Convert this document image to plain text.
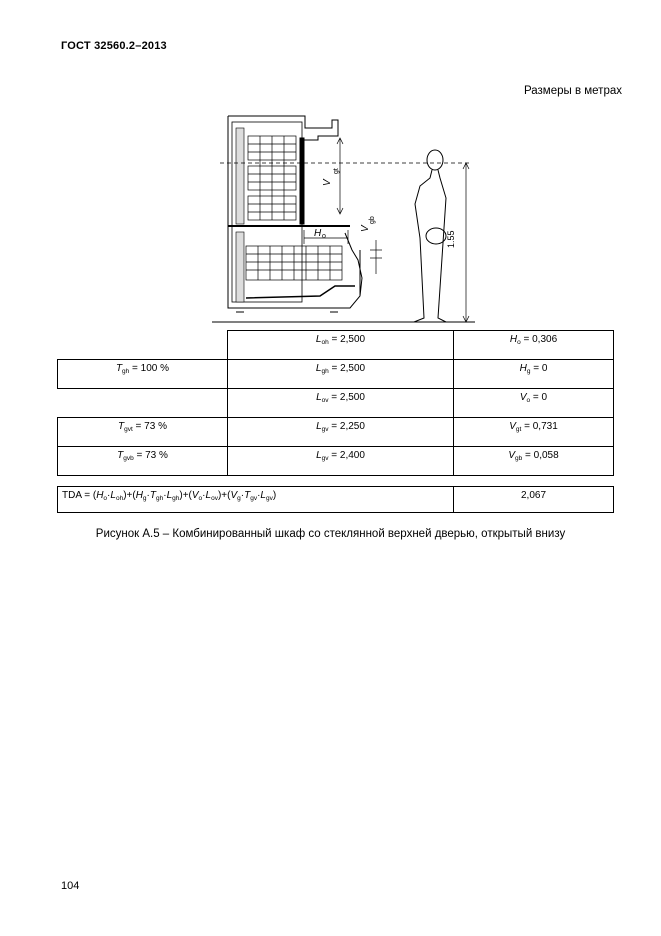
ГОСТ 32560.2–2013
Размеры в метрах
1.55
V
gt
V
gb
H o
	$L_{oh} = 2,500$	$H_o = 0,306$
$T_{gh} = 100$ %	$L_{gh} = 2,500$	$H_g = 0$
	$L_{ov} = 2,500$	$V_o = 0$
$T_{gvt} = 73$ %	$L_{gv} = 2,250$	$V_{gt} = 0,731$
$T_{gvb} = 73$ %	$L_{gv} = 2,400$	$V_{gb} = 0,058$
TDA = $(H_o\cdot L_{oh})+(H_g\cdot T_{gh}\cdot L_{gh})+(V_o\cdot L_{ov})+(V_g\cdot T_{gv}\cdot L_{gv})$	2,067
Рисунок А.5 – Комбинированный шкаф со стеклянной верхней дверью, открытый внизу
104
